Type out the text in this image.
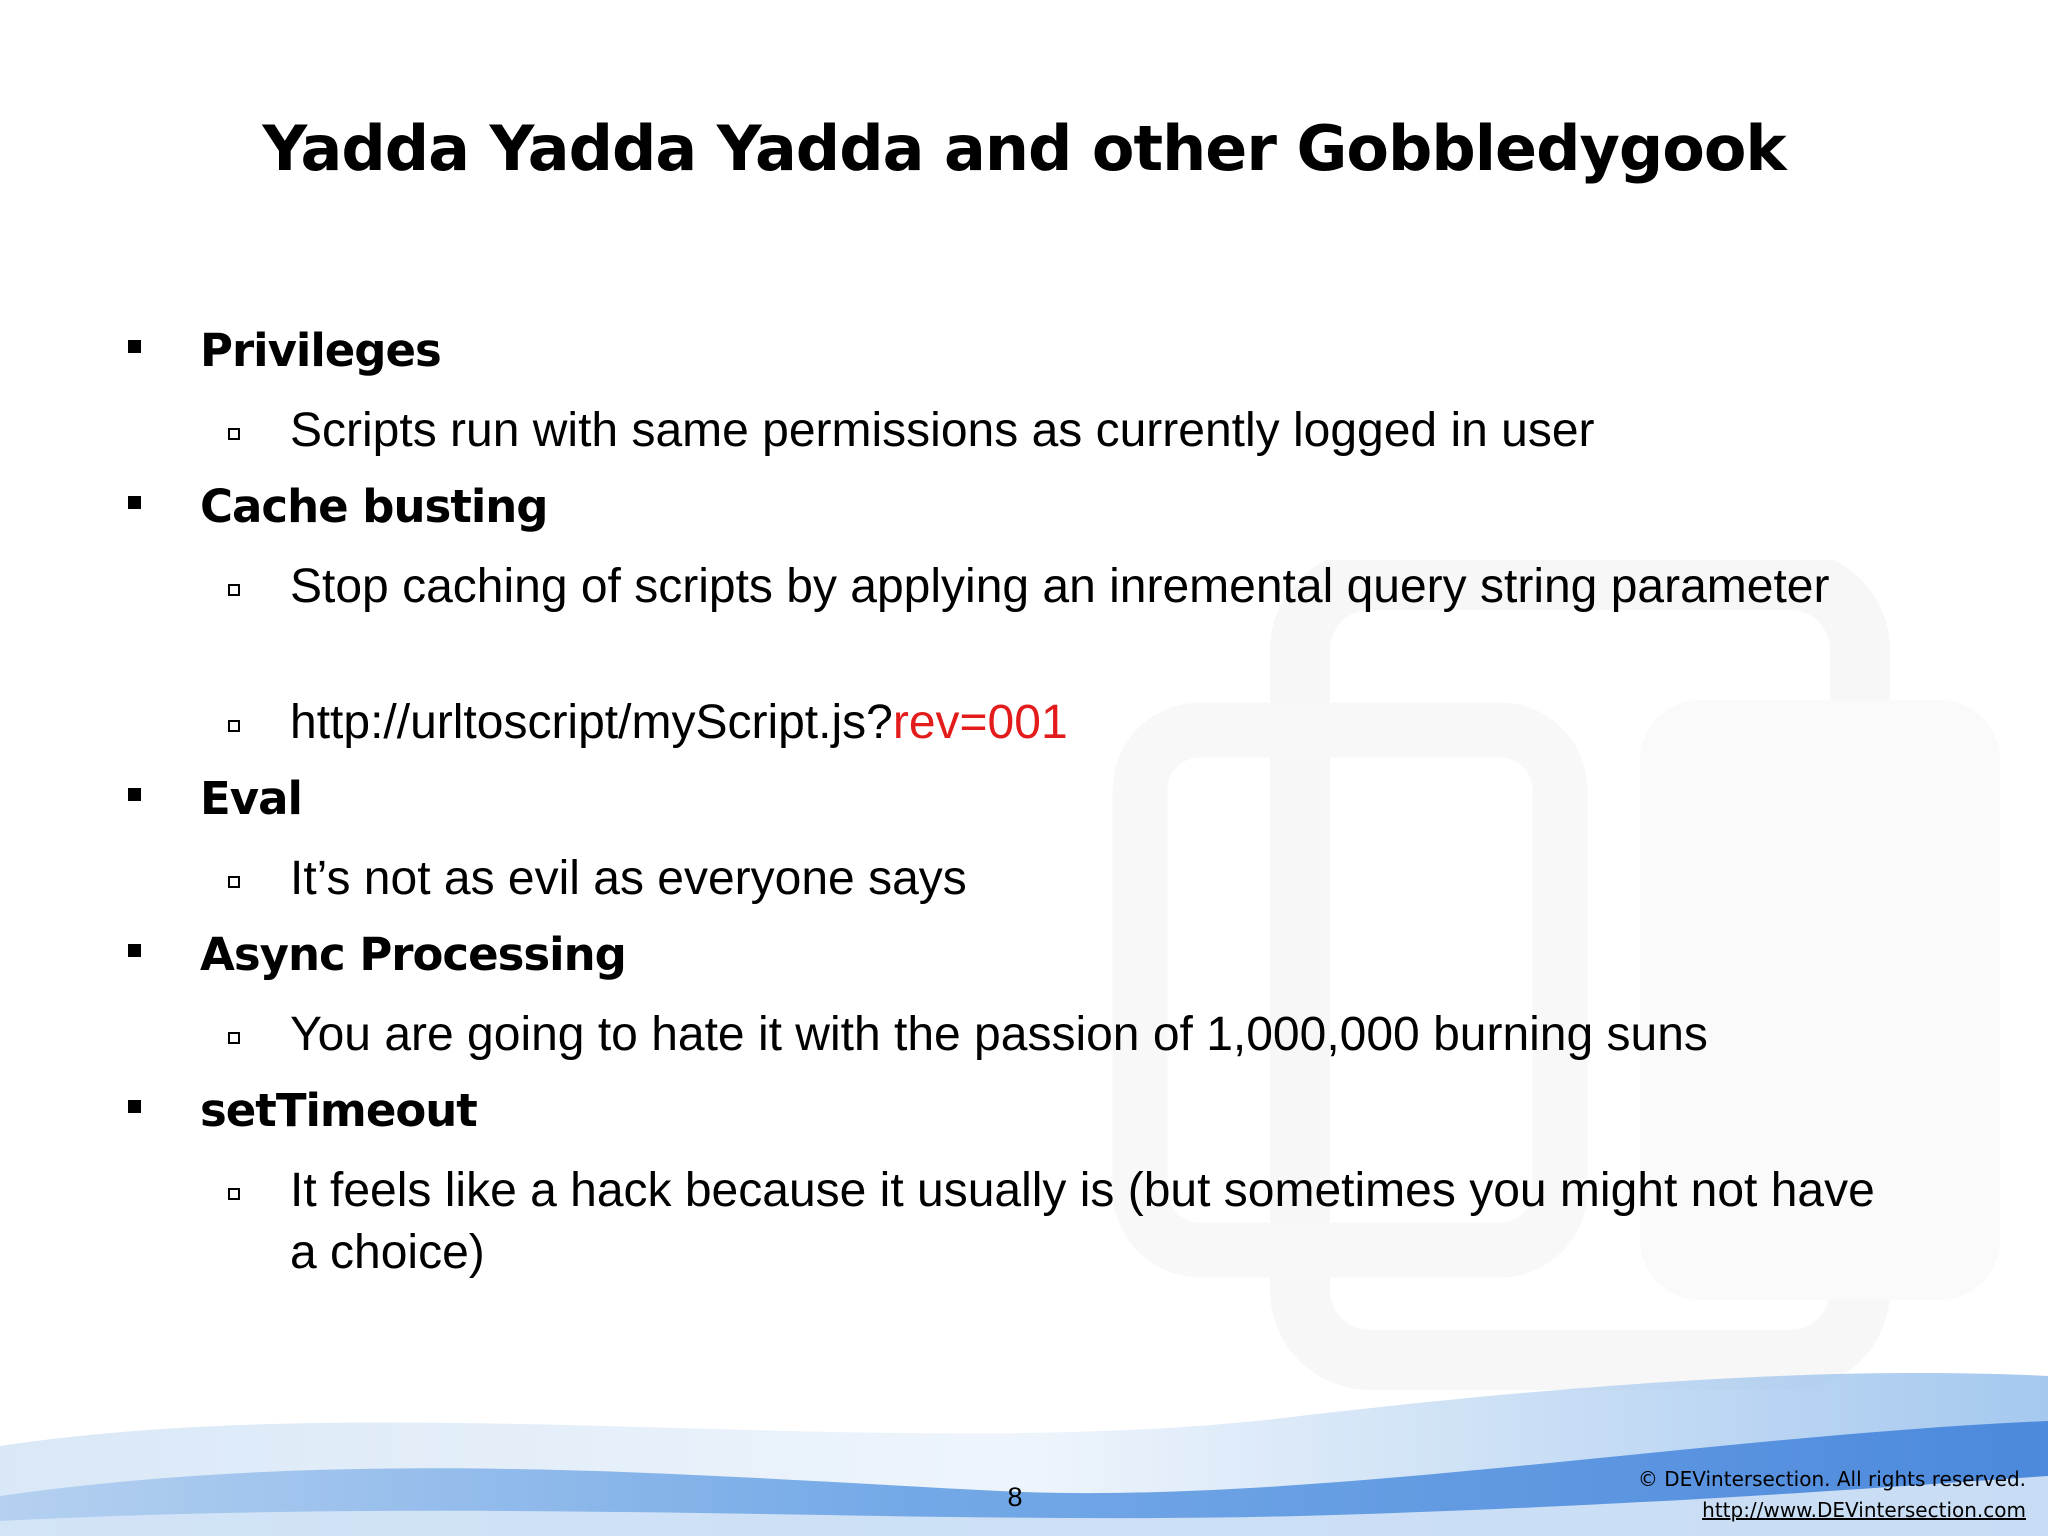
Yadda Yadda Yadda and other Gobbledygook
Privileges
Scripts run with same permissions as currently logged in user
Cache busting
Stop caching of scripts by applying an inremental query string parameter
http://urltoscript/myScript.js?rev=001
Eval
It’s not as evil as everyone says
Async Processing
You are going to hate it with the passion of 1,000,000 burning suns
setTimeout
It feels like a hack because it usually is (but sometimes you might not have a choice)
8
© DEVintersection. All rights reserved.
http://www.DEVintersection.com
